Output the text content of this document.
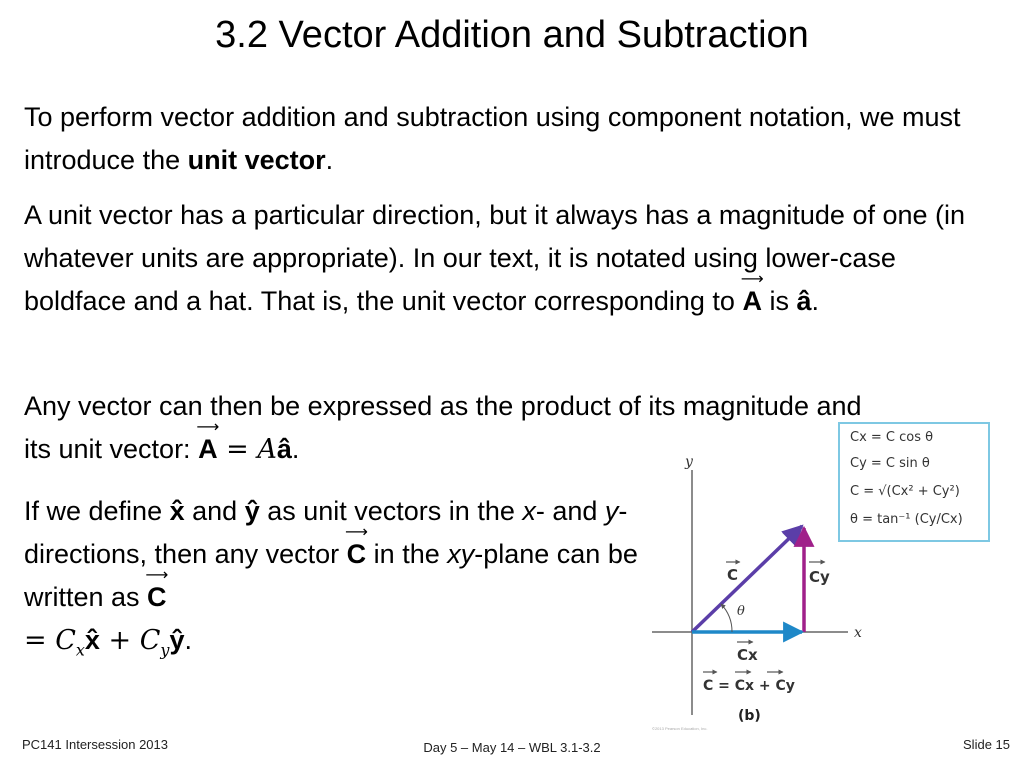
3.2 Vector Addition and Subtraction
To perform vector addition and subtraction using component notation, we must introduce the unit vector.
A unit vector has a particular direction, but it always has a magnitude of one (in whatever units are appropriate). In our text, it is notated using lower-case boldface and a hat. That is, the unit vector corresponding to ⟶ A is â.
Any vector can then be expressed as the product of its magnitude and its unit vector: ⟶ A = Aâ.
If we define x̂ and ŷ as unit vectors in the x- and y-directions, then any vector ⟶ C in the xy-plane can be written as ⟶ C
= $C_xx̂$ + $C_yŷ$.
Cx = C cos θ
Cy = C sin θ
C = √(Cx² + Cy²)
θ = tan⁻¹ (Cy/Cx)
y
x
θ
C	Cy
Cx
C = Cx + Cy
(b)
©2013 Pearson Education, Inc.
PC141 Intersession 2013	Day 5 – May 14 – WBL 3.1-3.2	Slide 15
